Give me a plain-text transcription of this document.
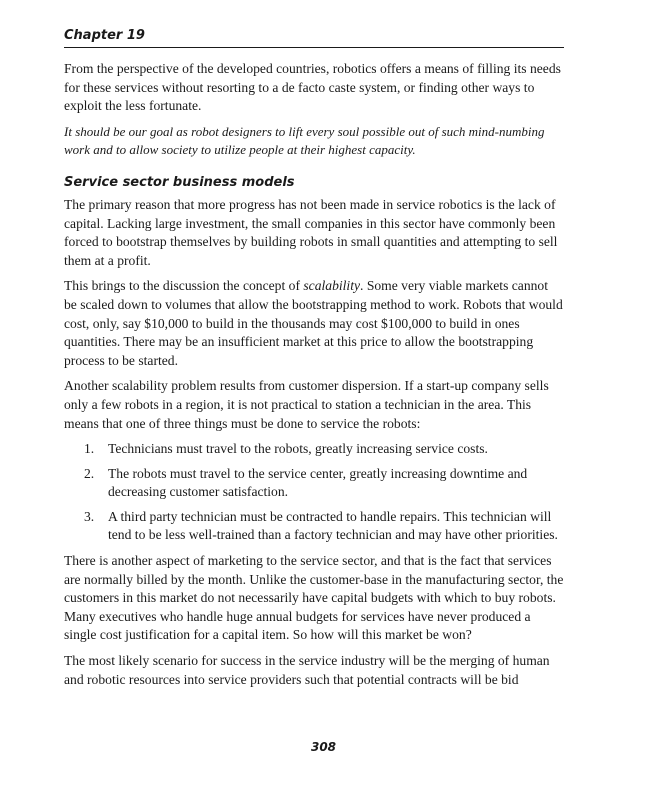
Chapter 19

From the perspective of the developed countries, robotics offers a means of filling its needs for these services without resorting to a de facto caste system, or finding other ways to exploit the less fortunate.

It should be our goal as robot designers to lift every soul possible out of such mind-numbing work and to allow society to utilize people at their highest capacity.

Service sector business models

The primary reason that more progress has not been made in service robotics is the lack of capital. Lacking large investment, the small companies in this sector have commonly been forced to bootstrap themselves by building robots in small quantities and attempting to sell them at a profit.

This brings to the discussion the concept of scalability. Some very viable markets cannot be scaled down to volumes that allow the bootstrapping method to work. Robots that would cost, only, say $10,000 to build in the thousands may cost $100,000 to build in ones quantities. There may be an insufficient market at this price to allow the bootstrapping process to be started.

Another scalability problem results from customer dispersion. If a start-up company sells only a few robots in a region, it is not practical to station a technician in the area. This means that one of three things must be done to service the robots:

1. Technicians must travel to the robots, greatly increasing service costs.
2. The robots must travel to the service center, greatly increasing downtime and decreasing customer satisfaction.
3. A third party technician must be contracted to handle repairs. This technician will tend to be less well-trained than a factory technician and may have other priorities.

There is another aspect of marketing to the service sector, and that is the fact that services are normally billed by the month. Unlike the customer-base in the manufacturing sector, the customers in this market do not necessarily have capital budgets with which to buy robots. Many executives who handle huge annual budgets for services have never produced a single cost justification for a capital item. So how will this market be won?

The most likely scenario for success in the service industry will be the merging of human and robotic resources into service providers such that potential contracts will be bid

308
